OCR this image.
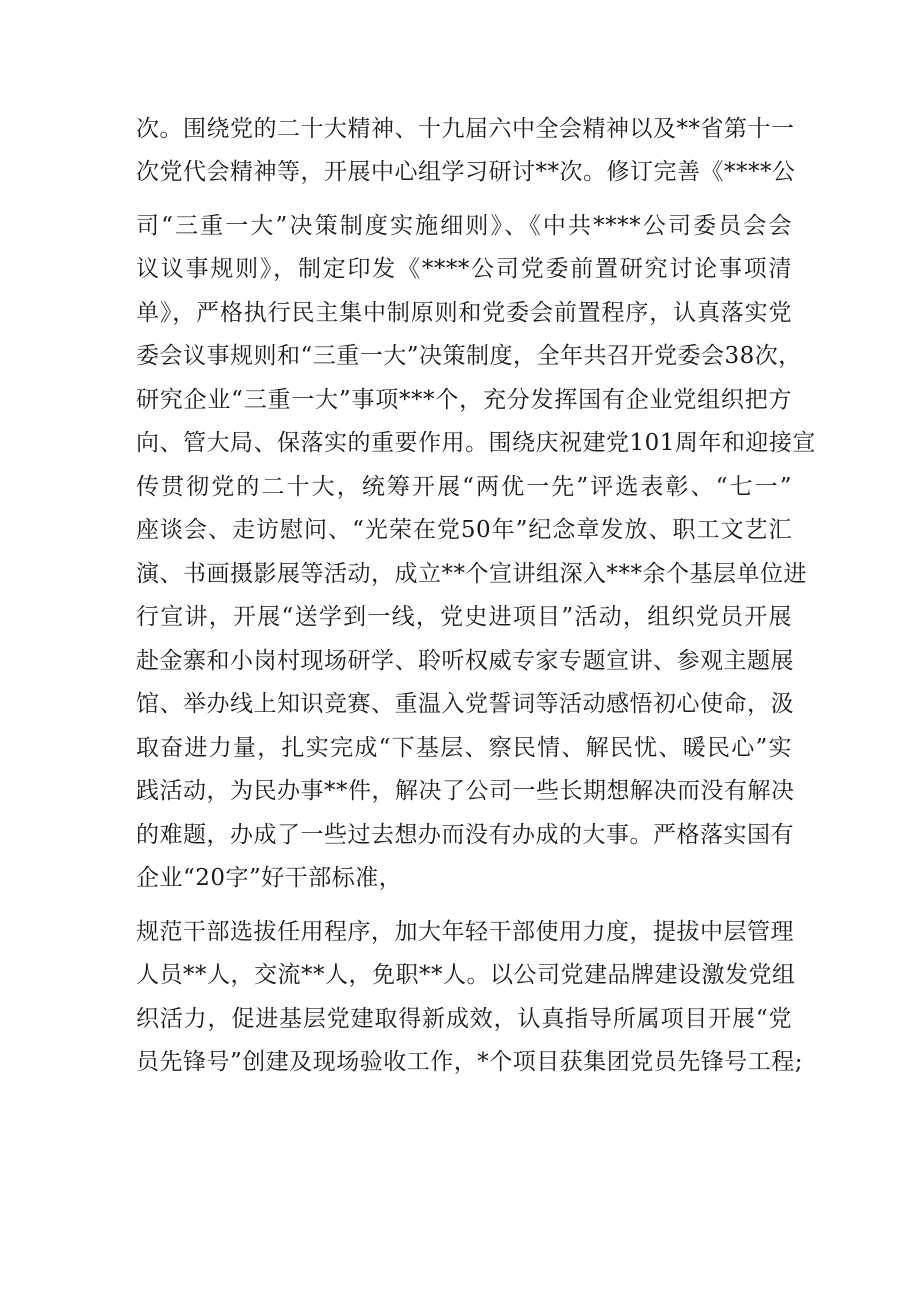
次。围绕党的二十大精神、十九届六中全会精神以及**省第十一
次党代会精神等，开展中心组学习研讨**次。修订完善《****公
司“三重一大”决策制度实施细则》、《中共****公司委员会会
议议事规则》，制定印发《****公司党委前置研究讨论事项清
单》，严格执行民主集中制原则和党委会前置程序，认真落实党
委会议事规则和“三重一大”决策制度，全年共召开党委会38次，
研究企业“三重一大”事项***个，充分发挥国有企业党组织把方
向、管大局、保落实的重要作用。围绕庆祝建党101周年和迎接宣
传贯彻党的二十大，统筹开展“两优一先”评选表彰、“七一”
座谈会、走访慰问、“光荣在党50年”纪念章发放、职工文艺汇
演、书画摄影展等活动，成立**个宣讲组深入***余个基层单位进
行宣讲，开展“送学到一线，党史进项目”活动，组织党员开展
赴金寨和小岗村现场研学、聆听权威专家专题宣讲、参观主题展
馆、举办线上知识竞赛、重温入党誓词等活动感悟初心使命，汲
取奋进力量，扎实完成“下基层、察民情、解民忧、暖民心”实
践活动，为民办事**件，解决了公司一些长期想解决而没有解决
的难题，办成了一些过去想办而没有办成的大事。严格落实国有
企业“20字”好干部标准，
规范干部选拔任用程序，加大年轻干部使用力度，提拔中层管理
人员**人，交流**人，免职**人。以公司党建品牌建设激发党组
织活力，促进基层党建取得新成效，认真指导所属项目开展“党
员先锋号”创建及现场验收工作，*个项目获集团党员先锋号工程;
